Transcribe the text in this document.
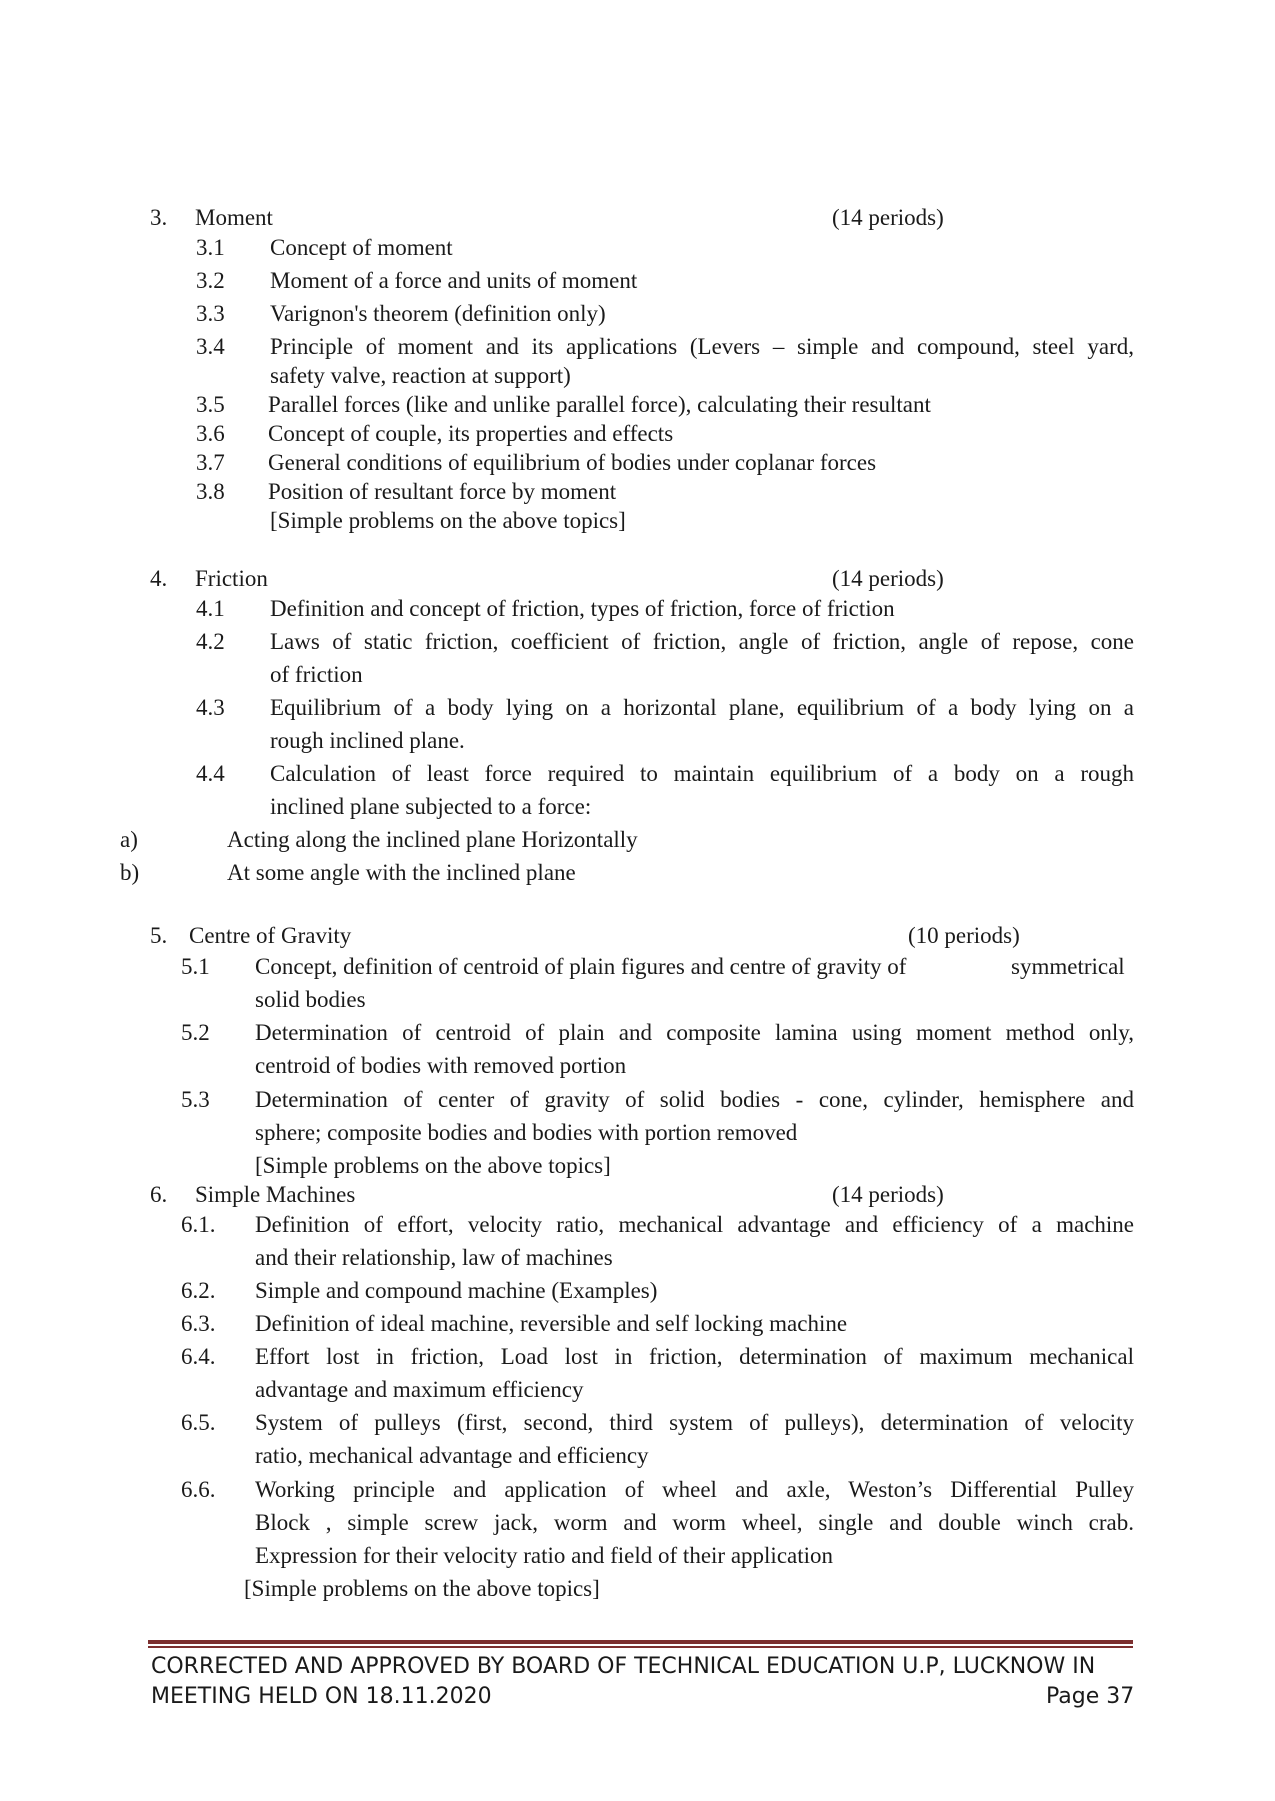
3. Moment	(14 periods)
3.1 Concept of moment
3.2 Moment of a force and units of moment
3.3 Varignon's theorem (definition only)
3.4 Principle of moment and its applications (Levers – simple and compound, steel yard,
safety valve, reaction at support)
3.5 Parallel forces (like and unlike parallel force), calculating their resultant
3.6 Concept of couple, its properties and effects
3.7 General conditions of equilibrium of bodies under coplanar forces
3.8 Position of resultant force by moment
[Simple problems on the above topics]
4. Friction	(14 periods)
4.1 Definition and concept of friction, types of friction, force of friction
4.2 Laws of static friction, coefficient of friction, angle of friction, angle of repose, cone
of friction
4.3 Equilibrium of a body lying on a horizontal plane, equilibrium of a body lying on a
rough inclined plane.
4.4 Calculation of least force required to maintain equilibrium of a body on a rough
inclined plane subjected to a force:
a)	Acting along the inclined plane Horizontally
b)	At some angle with the inclined plane
5. Centre of Gravity	(10 periods)
5.1 Concept, definition of centroid of plain figures and centre of gravity of	symmetrical
solid bodies
5.2 Determination of centroid of plain and composite lamina using moment method only,
centroid of bodies with removed portion
5.3 Determination of center of gravity of solid bodies - cone, cylinder, hemisphere and
sphere; composite bodies and bodies with portion removed
[Simple problems on the above topics]
6. Simple Machines	(14 periods)
6.1. Definition of effort, velocity ratio, mechanical advantage and efficiency of a machine
and their relationship, law of machines
6.2. Simple and compound machine (Examples)
6.3. Definition of ideal machine, reversible and self locking machine
6.4. Effort lost in friction, Load lost in friction, determination of maximum mechanical
advantage and maximum efficiency
6.5. System of pulleys (first, second, third system of pulleys), determination of velocity
ratio, mechanical advantage and efficiency
6.6. Working principle and application of wheel and axle, Weston’s Differential Pulley
Block , simple screw jack, worm and worm wheel, single and double winch crab.
Expression for their velocity ratio and field of their application
[Simple problems on the above topics]
CORRECTED AND APPROVED BY BOARD OF TECHNICAL EDUCATION U.P, LUCKNOW IN
MEETING HELD ON 18.11.2020	Page 37
